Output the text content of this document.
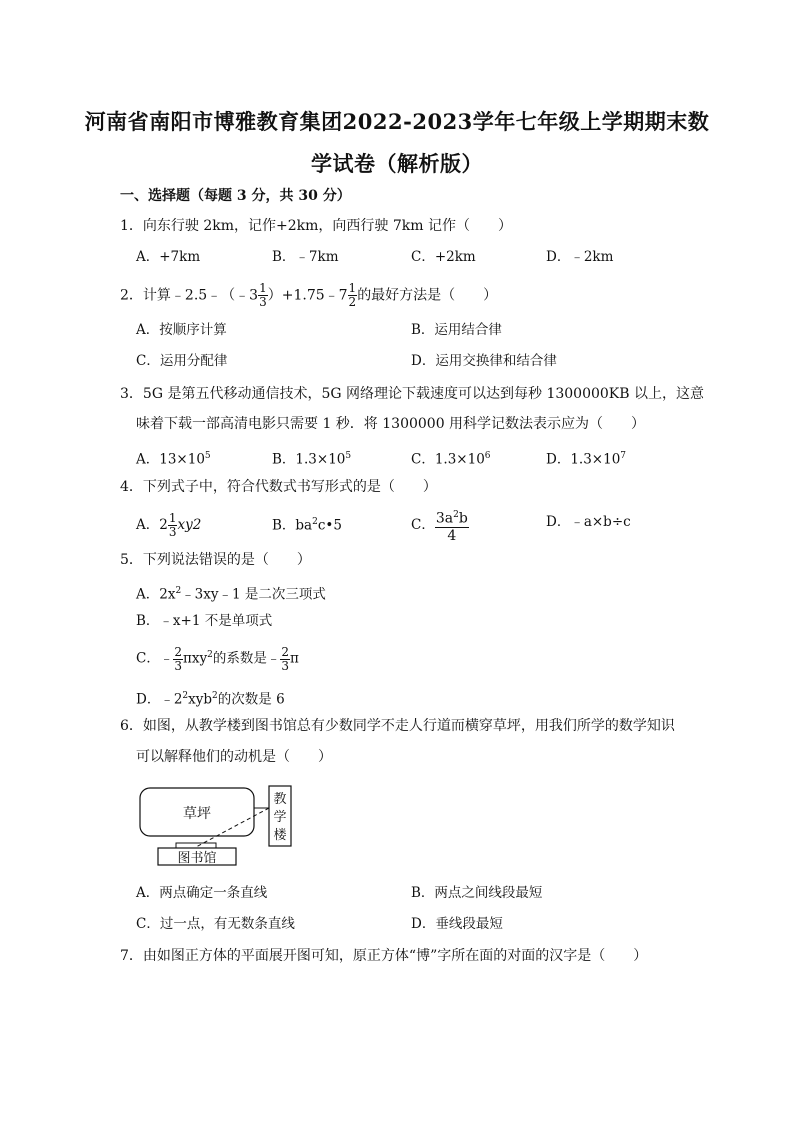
河南省南阳市博雅教育集团2022-2023学年七年级上学期期末数
学试卷（解析版）
一、选择题（每题 3 分，共 30 分）
1．向东行驶 2km，记作+2km，向西行驶 7km 记作（　　）
A．+7km	B．﹣7km	C．+2km	D．﹣2km
2．计算﹣2.5﹣（﹣3 $\frac{1}{3}$ ）+1.75﹣7 $\frac{1}{2}$ 的最好方法是（　　）
A．按顺序计算	B．运用结合律
C．运用分配律	D．运用交换律和结合律
3．5G 是第五代移动通信技术，5G 网络理论下载速度可以达到每秒 1300000KB 以上，这意
味着下载一部高清电影只需要 1 秒．将 1300000 用科学记数法表示应为（　　）
A．$13\times 10^5$	B．$1.3\times 10^5$	C．$1.3\times 10^6$	D．$1.3\times 10^7$
4．下列式子中，符合代数式书写形式的是（　　）
A．$2 \frac{1}{3} xy2$	B．$ba^2c•5$	C． $\frac{3a^2b}{4}$	D．﹣a×b÷c
5．下列说法错误的是（　　）
A．$2x^2﹣3xy﹣1$ 是二次三项式
B．﹣x+1 不是单项式
C．﹣ $\frac{2}{3} \pi xy^2$的系数是﹣ $\frac{2}{3}$ π
D．$﹣2^2xyb^2$的次数是 6
6．如图，从教学楼到图书馆总有少数同学不走人行道而横穿草坪，用我们所学的数学知识
可以解释他们的动机是（　　）
草坪
教
学
楼
图书馆
A．两点确定一条直线	B．两点之间线段最短
C．过一点，有无数条直线	D．垂线段最短
7．由如图正方体的平面展开图可知，原正方体“博”字所在面的对面的汉字是（　　）
